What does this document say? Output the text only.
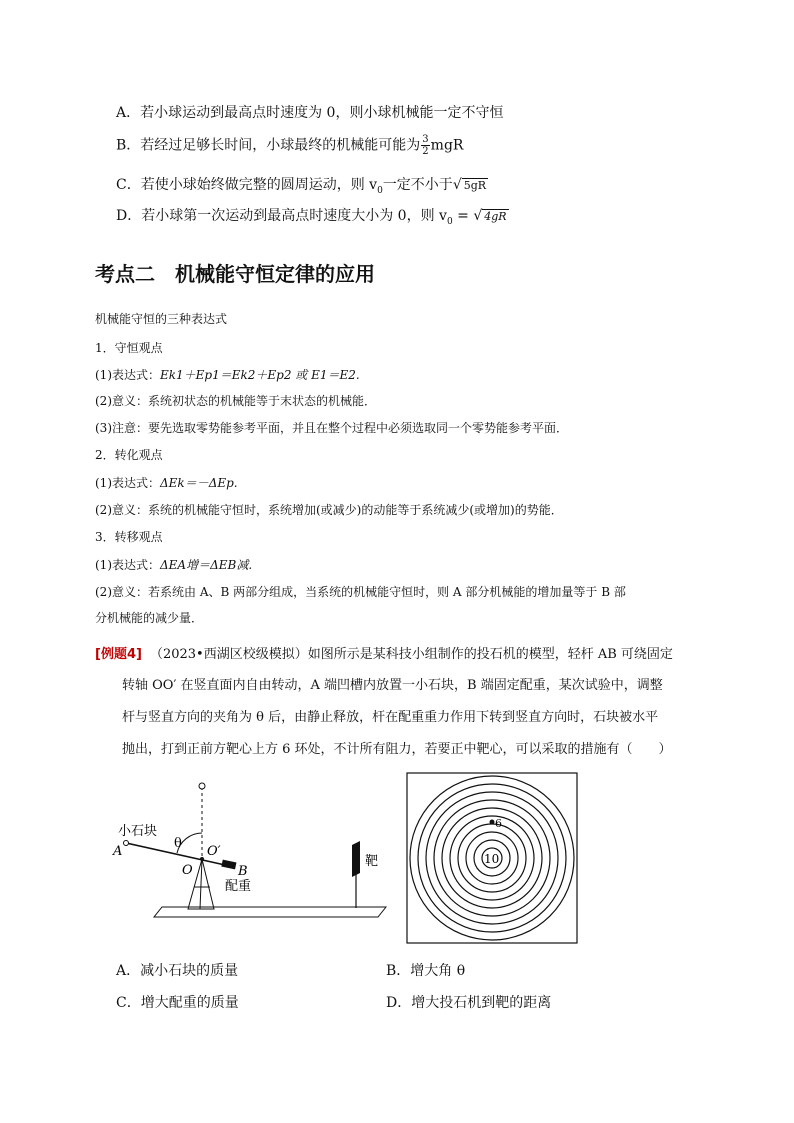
A．若小球运动到最高点时速度为 0，则小球机械能一定不守恒
B．若经过足够长时间，小球最终的机械能可能为 $\frac{3}{2}$ mgR
C．若使小球始终做完整的圆周运动，则 $v_0$一定不小于√ 5gR
D．若小球第一次运动到最高点时速度大小为 0，则 $v_0$ = √ 4gR
考点二　机械能守恒定律的应用
机械能守恒的三种表达式
1．守恒观点
(1)表达式：Ek1＋Ep1＝Ek2＋Ep2 或 E1＝E2.
(2)意义：系统初状态的机械能等于末状态的机械能．
(3)注意：要先选取零势能参考平面，并且在整个过程中必须选取同一个零势能参考平面．
2．转化观点
(1)表达式：ΔEk＝－ΔEp.
(2)意义：系统的机械能守恒时，系统增加(或减少)的动能等于系统减少(或增加)的势能．
3．转移观点
(1)表达式：ΔEA增＝ΔEB减.
(2)意义：若系统由 A、B 两部分组成，当系统的机械能守恒时，则 A 部分机械能的增加量等于 B 部
分机械能的减少量．
[例题4] （2023•西湖区校级模拟）如图所示是某科技小组制作的投石机的模型，轻杆 AB 可绕固定
转轴 OO′ 在竖直面内自由转动，A 端凹槽内放置一小石块，B 端固定配重，某次试验中，调整
杆与竖直方向的夹角为 θ 后，由静止释放，杆在配重重力作用下转到竖直方向时，石块被水平
抛出，打到正前方靶心上方 6 环处，不计所有阻力，若要正中靶心，可以采取的措施有（　　）
小石块
A
θ
O′
O	B
配重
靶
6
10
A．减小石块的质量	B．增大角 θ
C．增大配重的质量	D．增大投石机到靶的距离
